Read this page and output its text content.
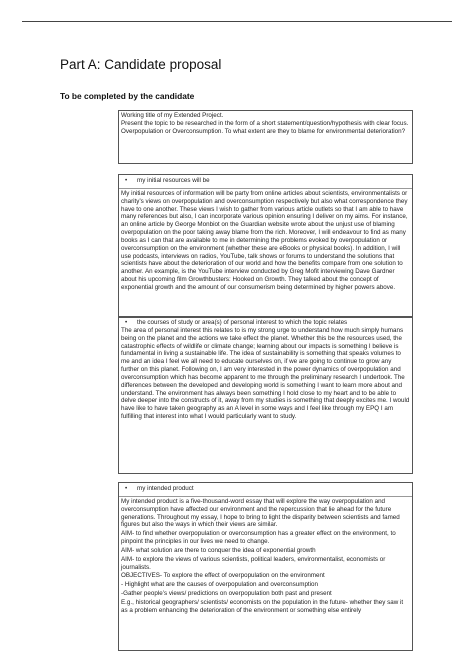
Part A: Candidate proposal
To be completed by the candidate

Working title of my Extended Project.

Present the topic to be researched in the form of a short statement/question/hypothesis with clear focus.

Overpopulation or Overconsumption. To what extent are they to blame for environmental deterioration?

•	my initial resources will be

My initial resources of information will be party from online articles about scientists, environmentalists or charity’s views on overpopulation and overconsumption respectively but also what correspondence they have to one another. These views I wish to gather from various article outlets so that I am able to have many references but also, I can incorporate various opinion ensuring I deliver on my aims. For instance, an online article by George Monbiot on the Guardian website wrote about the unjust use of blaming overpopulation on the poor taking away blame from the rich. Moreover, I will endeavour to find as many books as I can that are available to me in determining the problems evoked by overpopulation or overconsumption on the environment (whether these are eBooks or physical books). In addition, I will use podcasts, interviews on radios, YouTube, talk shows or forums to understand the solutions that scientists have about the deterioration of our world and how the benefits compare from one solution to another. An example, is the YouTube interview conducted by Greg Mofit interviewing Dave Gardner about his upcoming film Growthbusters: Hooked on Growth. They talked about the concept of exponential growth and the amount of our consumerism being determined by higher powers above.

•	the courses of study or area(s) of personal interest to which the topic relates

The area of personal interest this relates to is my strong urge to understand how much simply humans being on the planet and the actions we take effect the planet. Whether this be the resources used, the catastrophic effects of wildlife or climate change; learning about our impacts is something I believe is fundamental in living a sustainable life. The idea of sustainability is something that speaks volumes to me and an idea I feel we all need to educate ourselves on, if we are going to continue to grow any further on this planet. Following on, I am very interested in the power dynamics of overpopulation and overconsumption which has become apparent to me through the preliminary research I undertook. The differences between the developed and developing world is something I want to learn more about and understand. The environment has always been something I hold close to my heart and to be able to delve deeper into the constructs of it, away from my studies is something that deeply excites me. I would have like to have taken geography as an A level in some ways and I feel like through my EPQ I am fulfilling that interest into what I would particularly want to study.

•	my intended product

My intended product is a five-thousand-word essay that will explore the way overpopulation and overconsumption have affected our environment and the repercussion that lie ahead for the future generations. Throughout my essay, I hope to bring to light the disparity between scientists and famed figures but also the ways in which their views are similar.

AIM- to find whether overpopulation or overconsumption has a greater effect on the environment, to pinpoint the principles in our lives we need to change.

AIM- what solution are there to conquer the idea of exponential growth

AIM- to explore the views of various scientists, political leaders, environmentalist, economists or journalists.

OBJECTIVES- To explore the effect of overpopulation on the environment

- Highlight what are the causes of overpopulation and overconsumption

-Gather people’s views/ predictions on overpopulation both past and present

E.g., historical geographers/ scientists/ economists on the population in the future- whether they saw it as a problem enhancing the deterioration of the environment or something else entirely
